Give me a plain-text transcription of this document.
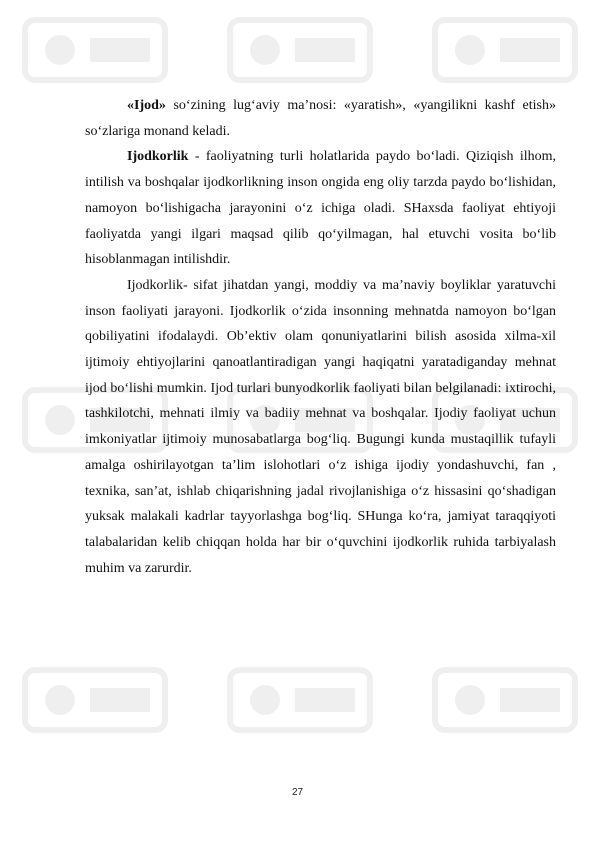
«Ijod» so‘zining lug‘aviy ma’nosi: «yaratish», «yangilikni kashf etish» so‘zlariga monand keladi.

Ijodkorlik - faoliyatning turli holatlarida paydo bo‘ladi. Qiziqish ilhom, intilish va boshqalar ijodkorlikning inson ongida eng oliy tarzda paydo bo‘lishidan, namoyon bo‘lishigacha jarayonini o‘z ichiga oladi. SHaxsda faoliyat ehtiyoji faoliyatda yangi ilgari maqsad qilib qo‘yilmagan, hal etuvchi vosita bo‘lib hisoblanmagan intilishdir.

Ijodkorlik- sifat jihatdan yangi, moddiy va ma’naviy boyliklar yaratuvchi inson faoliyati jarayoni. Ijodkorlik o‘zida insonning mehnatda namoyon bo‘lgan qobiliyatini ifodalaydi. Ob’ektiv olam qonuniyatlarini bilish asosida xilma-xil ijtimoiy ehtiyojlarini qanoatlantiradigan yangi haqiqatni yaratadiganday mehnat ijod bo‘lishi mumkin. Ijod turlari bunyodkorlik faoliyati bilan belgilanadi: ixtirochi, tashkilotchi, mehnati ilmiy va badiiy mehnat va boshqalar. Ijodiy faoliyat uchun imkoniyatlar ijtimoiy munosabatlarga bog‘liq. Bugungi kunda mustaqillik tufayli amalga oshirilayotgan ta’lim islohotlari o‘z ishiga ijodiy yondashuvchi, fan , texnika, san’at, ishlab chiqarishning jadal rivojlanishiga o‘z hissasini qo‘shadigan yuksak malakali kadrlar tayyorlashga bog‘liq. SHunga ko‘ra, jamiyat taraqqiyoti talabalaridan kelib chiqqan holda har bir o‘quvchini ijodkorlik ruhida tarbiyalash muhim va zarurdir.

27
